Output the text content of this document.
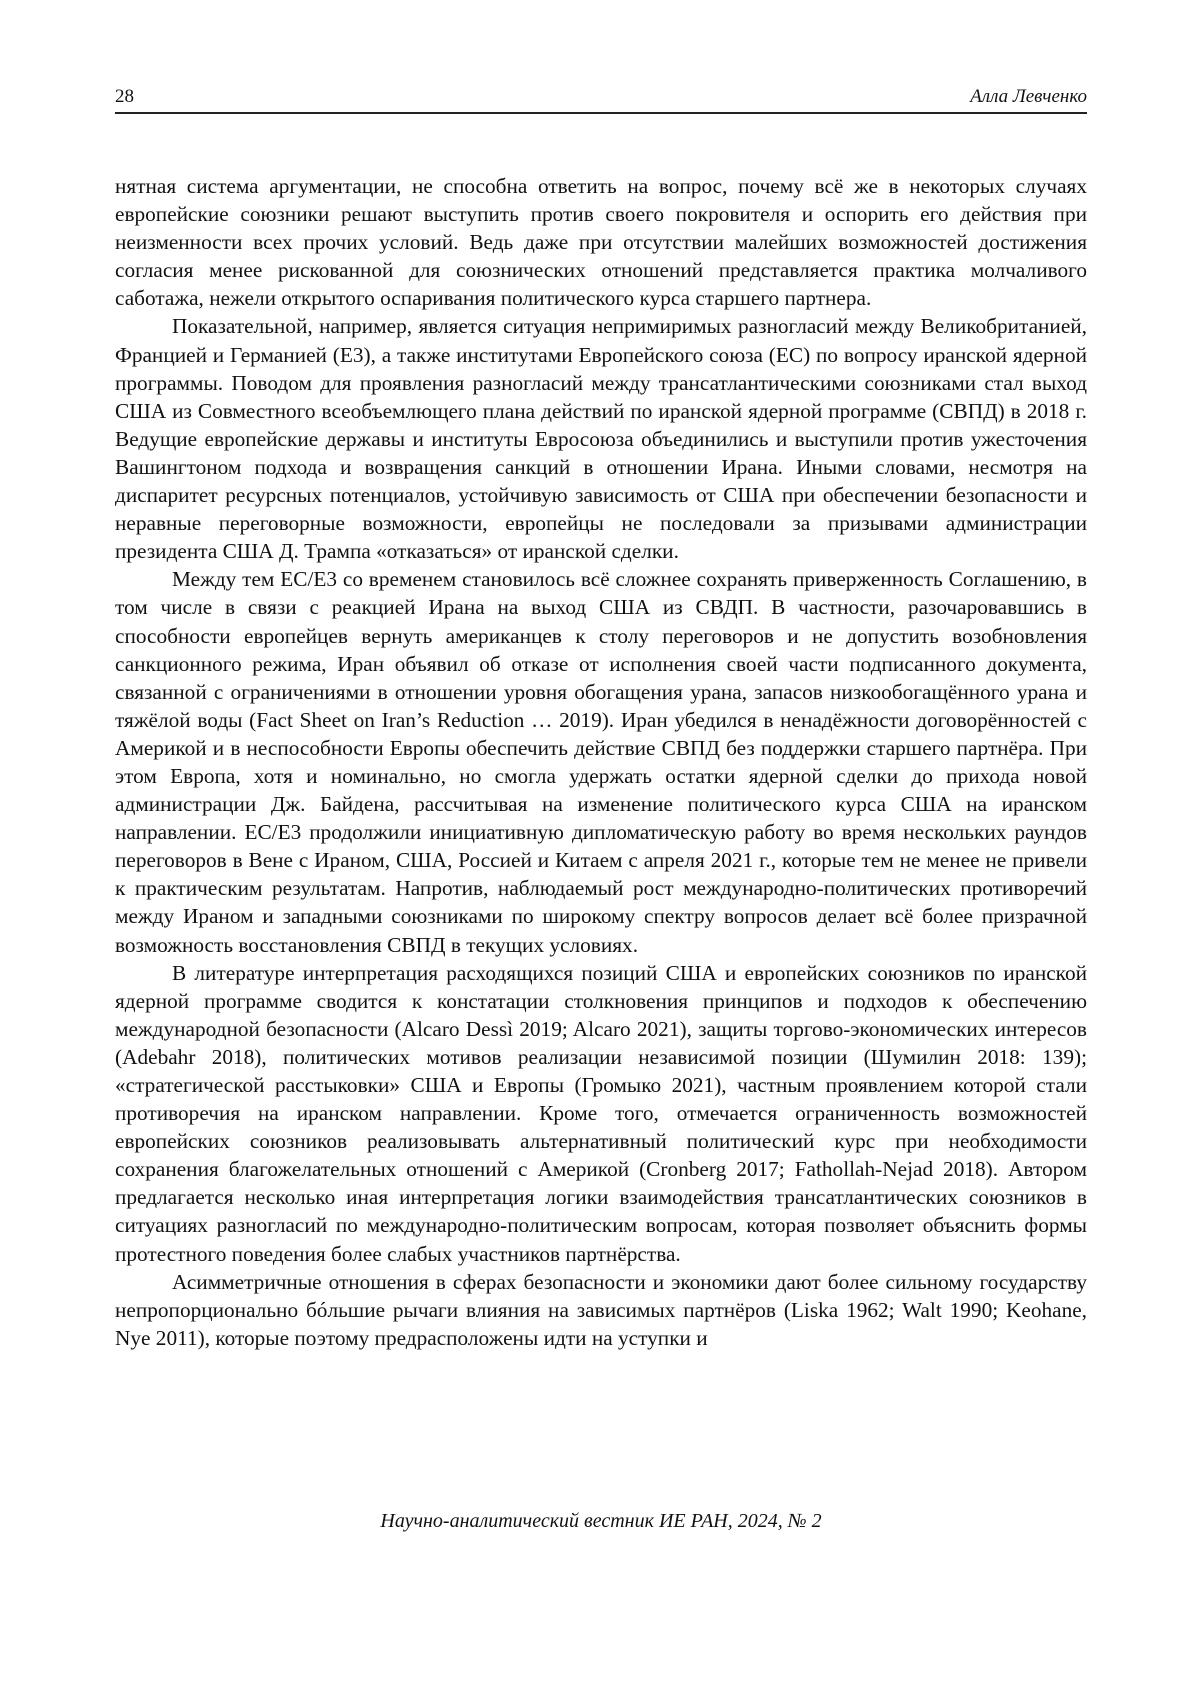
28	Алла Левченко

нятная система аргументации, не способна ответить на вопрос, почему всё же в некоторых случаях европейские союзники решают выступить против своего покровителя и оспорить его действия при неизменности всех прочих условий. Ведь даже при отсутствии малейших возможностей достижения согласия менее рискованной для союзнических отношений представляется практика молчаливого саботажа, нежели открытого оспаривания политического курса старшего партнера.

Показательной, например, является ситуация непримиримых разногласий между Великобританией, Францией и Германией (Е3), а также институтами Европейского союза (ЕС) по вопросу иранской ядерной программы. Поводом для проявления разногласий между трансатлантическими союзниками стал выход США из Совместного всеобъемлющего плана действий по иранской ядерной программе (СВПД) в 2018 г. Ведущие европейские державы и институты Евросоюза объединились и выступили против ужесточения Вашингтоном подхода и возвращения санкций в отношении Ирана. Иными словами, несмотря на диспаритет ресурсных потенциалов, устойчивую зависимость от США при обеспечении безопасности и неравные переговорные возможности, европейцы не последовали за призывами администрации президента США Д. Трампа «отказаться» от иранской сделки.

Между тем ЕС/Е3 со временем становилось всё сложнее сохранять приверженность Соглашению, в том числе в связи с реакцией Ирана на выход США из СВДП. В частности, разочаровавшись в способности европейцев вернуть американцев к столу переговоров и не допустить возобновления санкционного режима, Иран объявил об отказе от исполнения своей части подписанного документа, связанной с ограничениями в отношении уровня обогащения урана, запасов низкообогащённого урана и тяжёлой воды (Fact Sheet on Iran’s Reduction … 2019). Иран убедился в ненадёжности договорённостей с Америкой и в неспособности Европы обеспечить действие СВПД без поддержки старшего партнёра. При этом Европа, хотя и номинально, но смогла удержать остатки ядерной сделки до прихода новой администрации Дж. Байдена, рассчитывая на изменение политического курса США на иранском направлении. ЕС/Е3 продолжили инициативную дипломатическую работу во время нескольких раундов переговоров в Вене с Ираном, США, Россией и Китаем с апреля 2021 г., которые тем не менее не привели к практическим результатам. Напротив, наблюдаемый рост международно-политических противоречий между Ираном и западными союзниками по широкому спектру вопросов делает всё более призрачной возможность восстановления СВПД в текущих условиях.

В литературе интерпретация расходящихся позиций США и европейских союзников по иранской ядерной программе сводится к констатации столкновения принципов и подходов к обеспечению международной безопасности (Alcaro Dessì 2019; Alcaro 2021), защиты торгово-экономических интересов (Adebahr 2018), политических мотивов реализации независимой позиции (Шумилин 2018: 139); «стратегической расстыковки» США и Европы (Громыко 2021), частным проявлением которой стали противоречия на иранском направлении. Кроме того, отмечается ограниченность возможностей европейских союзников реализовывать альтернативный политический курс при необходимости сохранения благожелательных отношений с Америкой (Cronberg 2017; Fathollah-Nejad 2018). Автором предлагается несколько иная интерпретация логики взаимодействия трансатлантических союзников в ситуациях разногласий по международно-политическим вопросам, которая позволяет объяснить формы протестного поведения более слабых участников партнёрства.

Асимметричные отношения в сферах безопасности и экономики дают более сильному государству непропорционально бóльшие рычаги влияния на зависимых партнёров (Liska 1962; Walt 1990; Keohane, Nye 2011), которые поэтому предрасположены идти на уступки и

Научно-аналитический вестник ИЕ РАН, 2024, № 2
